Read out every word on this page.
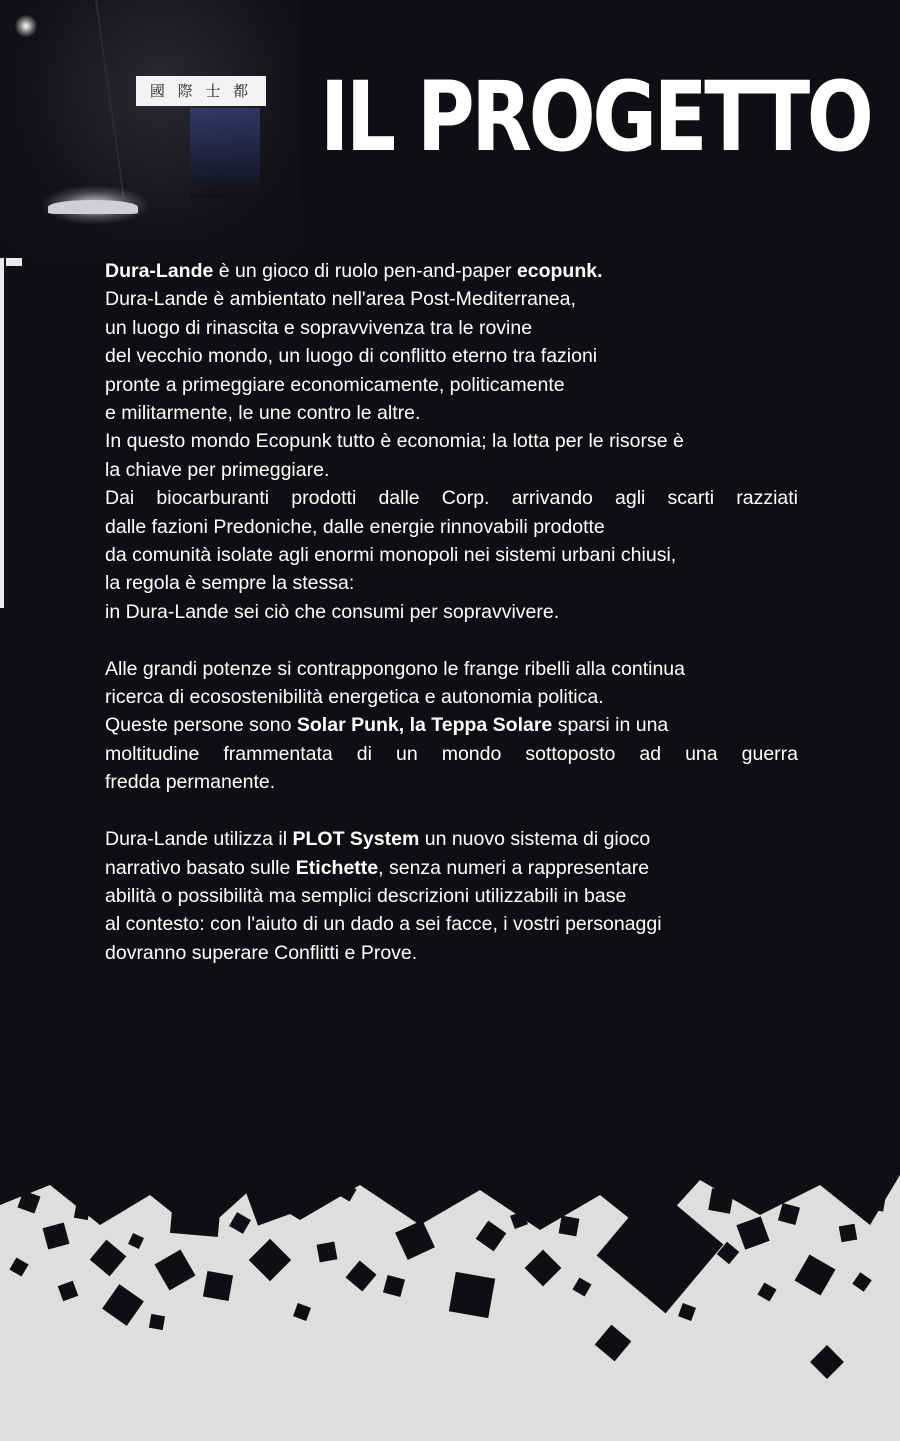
國 際 士 都 IL PROGETTO
Dura-Lande è un gioco di ruolo pen-and-paper ecopunk.
Dura-Lande è ambientato nell'area Post-Mediterranea,
un luogo di rinascita e sopravvivenza tra le rovine
del vecchio mondo, un luogo di conflitto eterno tra fazioni
pronte a primeggiare economicamente, politicamente
e militarmente, le une contro le altre.
In questo mondo Ecopunk tutto è economia; la lotta per le risorse è
la chiave per primeggiare.
Dai biocarburanti prodotti dalle Corp. arrivando agli scarti razziati
dalle fazioni Predoniche, dalle energie rinnovabili prodotte
da comunità isolate agli enormi monopoli nei sistemi urbani chiusi,
la regola è sempre la stessa:
in Dura-Lande sei ciò che consumi per sopravvivere.
Alle grandi potenze si contrappongono le frange ribelli alla continua
ricerca di ecosostenibilità energetica e autonomia politica.
Queste persone sono Solar Punk, la Teppa Solare sparsi in una
moltitudine frammentata di un mondo sottoposto ad una guerra
fredda permanente.
Dura-Lande utilizza il PLOT System un nuovo sistema di gioco
narrativo basato sulle Etichette, senza numeri a rappresentare
abilità o possibilità ma semplici descrizioni utilizzabili in base
al contesto: con l'aiuto di un dado a sei facce, i vostri personaggi
dovranno superare Conflitti e Prove.
